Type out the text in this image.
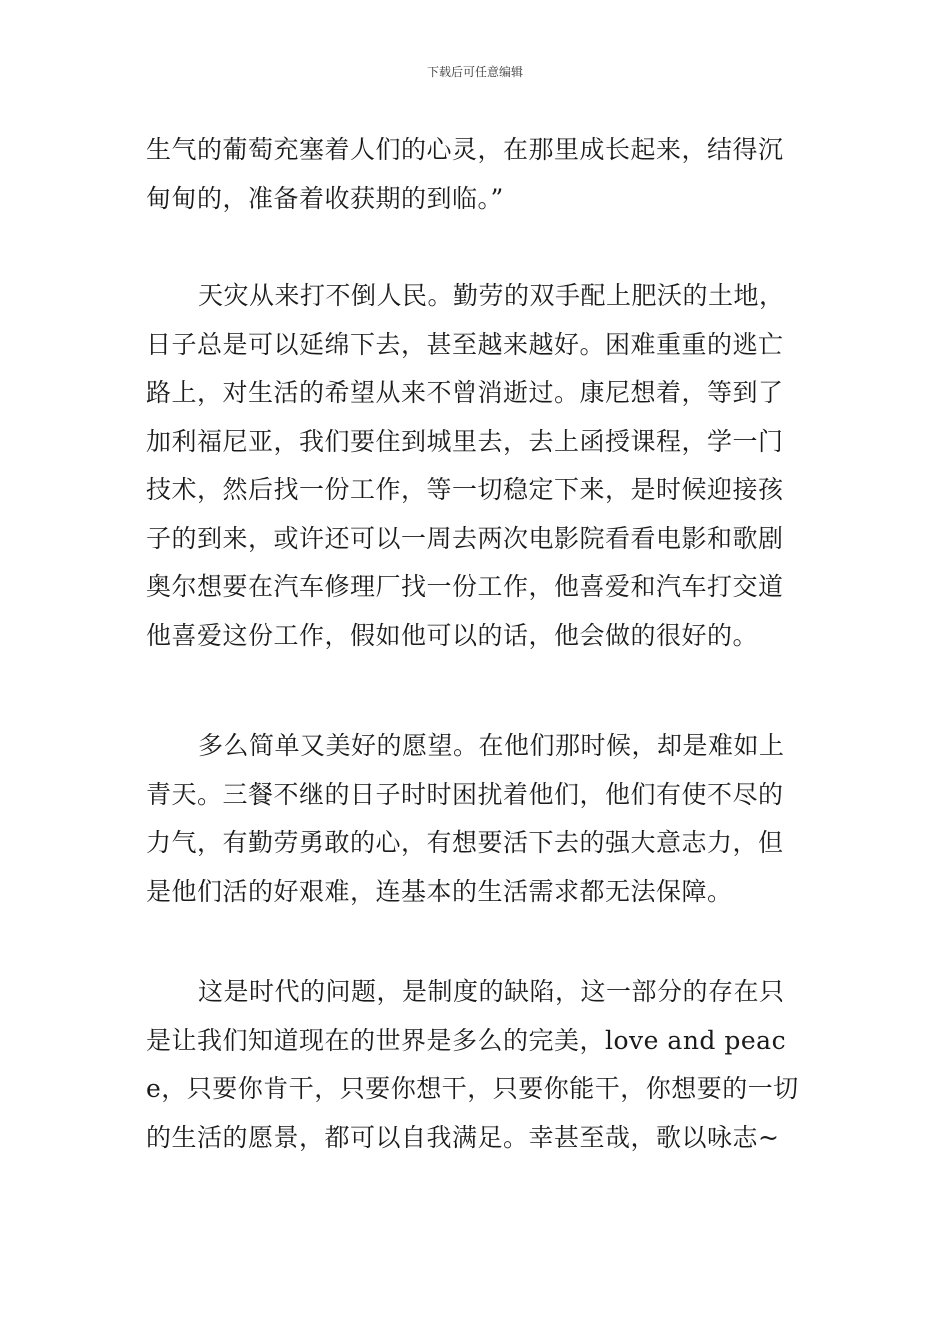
下载后可任意编辑

生气的葡萄充塞着人们的心灵，在那里成长起来，结得沉甸甸的，准备着收获期的到临。”

天灾从来打不倒人民。勤劳的双手配上肥沃的土地，日子总是可以延绵下去，甚至越来越好。困难重重的逃亡路上，对生活的希望从来不曾消逝过。康尼想着，等到了加利福尼亚，我们要住到城里去，去上函授课程，学一门技术，然后找一份工作，等一切稳定下来，是时候迎接孩子的到来，或许还可以一周去两次电影院看看电影和歌剧奥尔想要在汽车修理厂找一份工作，他喜爱和汽车打交道他喜爱这份工作，假如他可以的话，他会做的很好的。

多么简单又美好的愿望。在他们那时候，却是难如上青天。三餐不继的日子时时困扰着他们，他们有使不尽的力气，有勤劳勇敢的心，有想要活下去的强大意志力，但是他们活的好艰难，连基本的生活需求都无法保障。

这是时代的问题，是制度的缺陷，这一部分的存在只是让我们知道现在的世界是多么的完美，love and peace，只要你肯干，只要你想干，只要你能干，你想要的一切的生活的愿景，都可以自我满足。幸甚至哉，歌以咏志~
